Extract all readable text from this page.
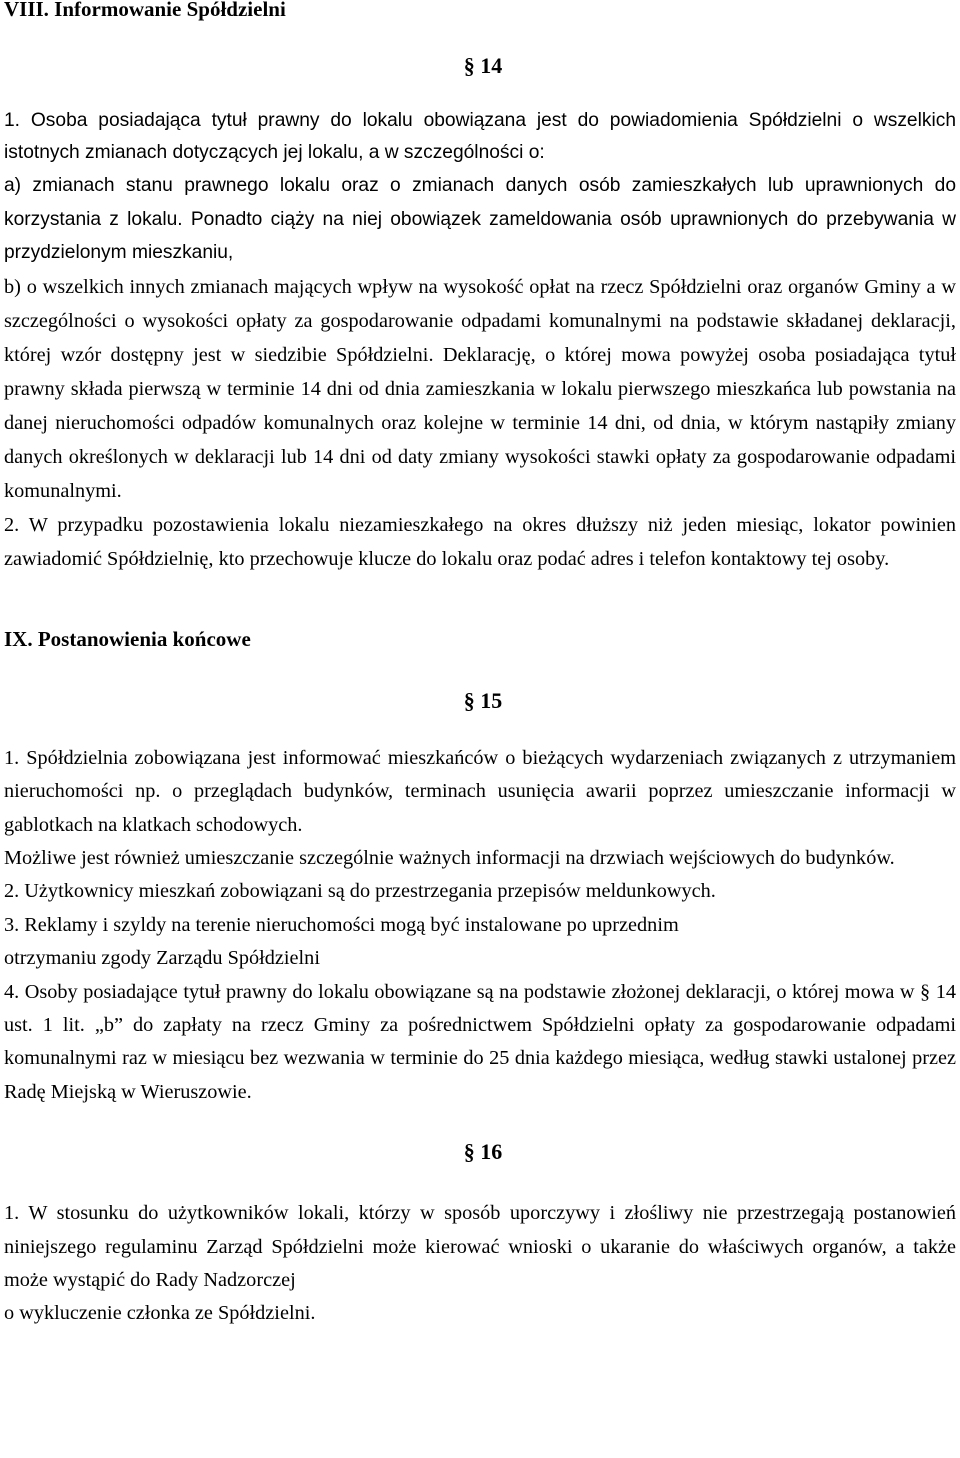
VIII. Informowanie Spółdzielni
§ 14

1. Osoba posiadająca tytuł prawny do lokalu obowiązana jest do powiadomienia Spółdzielni o wszelkich istotnych zmianach dotyczących jej lokalu, a w szczególności o:

a) zmianach stanu prawnego lokalu oraz o zmianach danych osób zamieszkałych lub uprawnionych do korzystania z lokalu. Ponadto ciąży na niej obowiązek zameldowania osób uprawnionych do przebywania w przydzielonym mieszkaniu,

b) o wszelkich innych zmianach mających wpływ na wysokość opłat na rzecz Spółdzielni oraz organów Gminy a w szczególności o wysokości opłaty za gospodarowanie odpadami komunalnymi na podstawie składanej deklaracji, której wzór dostępny jest w siedzibie Spółdzielni. Deklarację, o której mowa powyżej osoba posiadająca tytuł prawny składa pierwszą w terminie 14 dni od dnia zamieszkania w lokalu pierwszego mieszkańca lub powstania na danej nieruchomości odpadów komunalnych oraz kolejne w terminie 14 dni, od dnia, w którym nastąpiły zmiany danych określonych w deklaracji lub 14 dni od daty zmiany wysokości stawki opłaty za gospodarowanie odpadami komunalnymi.

2. W przypadku pozostawienia lokalu niezamieszkałego na okres dłuższy niż jeden miesiąc, lokator powinien zawiadomić Spółdzielnię, kto przechowuje klucze do lokalu oraz podać adres i telefon kontaktowy tej osoby.

IX. Postanowienia końcowe
§ 15

1. Spółdzielnia zobowiązana jest informować mieszkańców o bieżących wydarzeniach związanych z utrzymaniem nieruchomości np. o przeglądach budynków, terminach usunięcia awarii poprzez umieszczanie informacji w gablotkach na klatkach schodowych.

Możliwe jest również umieszczanie szczególnie ważnych informacji na drzwiach wejściowych do budynków.

2. Użytkownicy mieszkań zobowiązani są do przestrzegania przepisów meldunkowych.

3. Reklamy i szyldy na terenie nieruchomości mogą być instalowane po uprzednim

otrzymaniu zgody Zarządu Spółdzielni

4. Osoby posiadające tytuł prawny do lokalu obowiązane są na podstawie złożonej deklaracji, o której mowa w § 14 ust. 1 lit. „b” do zapłaty na rzecz Gminy za pośrednictwem Spółdzielni opłaty za gospodarowanie odpadami komunalnymi raz w miesiącu bez wezwania w terminie do 25 dnia każdego miesiąca, według stawki ustalonej przez Radę Miejską w Wieruszowie.

§ 16

1. W stosunku do użytkowników lokali, którzy w sposób uporczywy i złośliwy nie przestrzegają postanowień niniejszego regulaminu Zarząd Spółdzielni może kierować wnioski o ukaranie do właściwych organów, a także może wystąpić do Rady Nadzorczej

o wykluczenie członka ze Spółdzielni.
